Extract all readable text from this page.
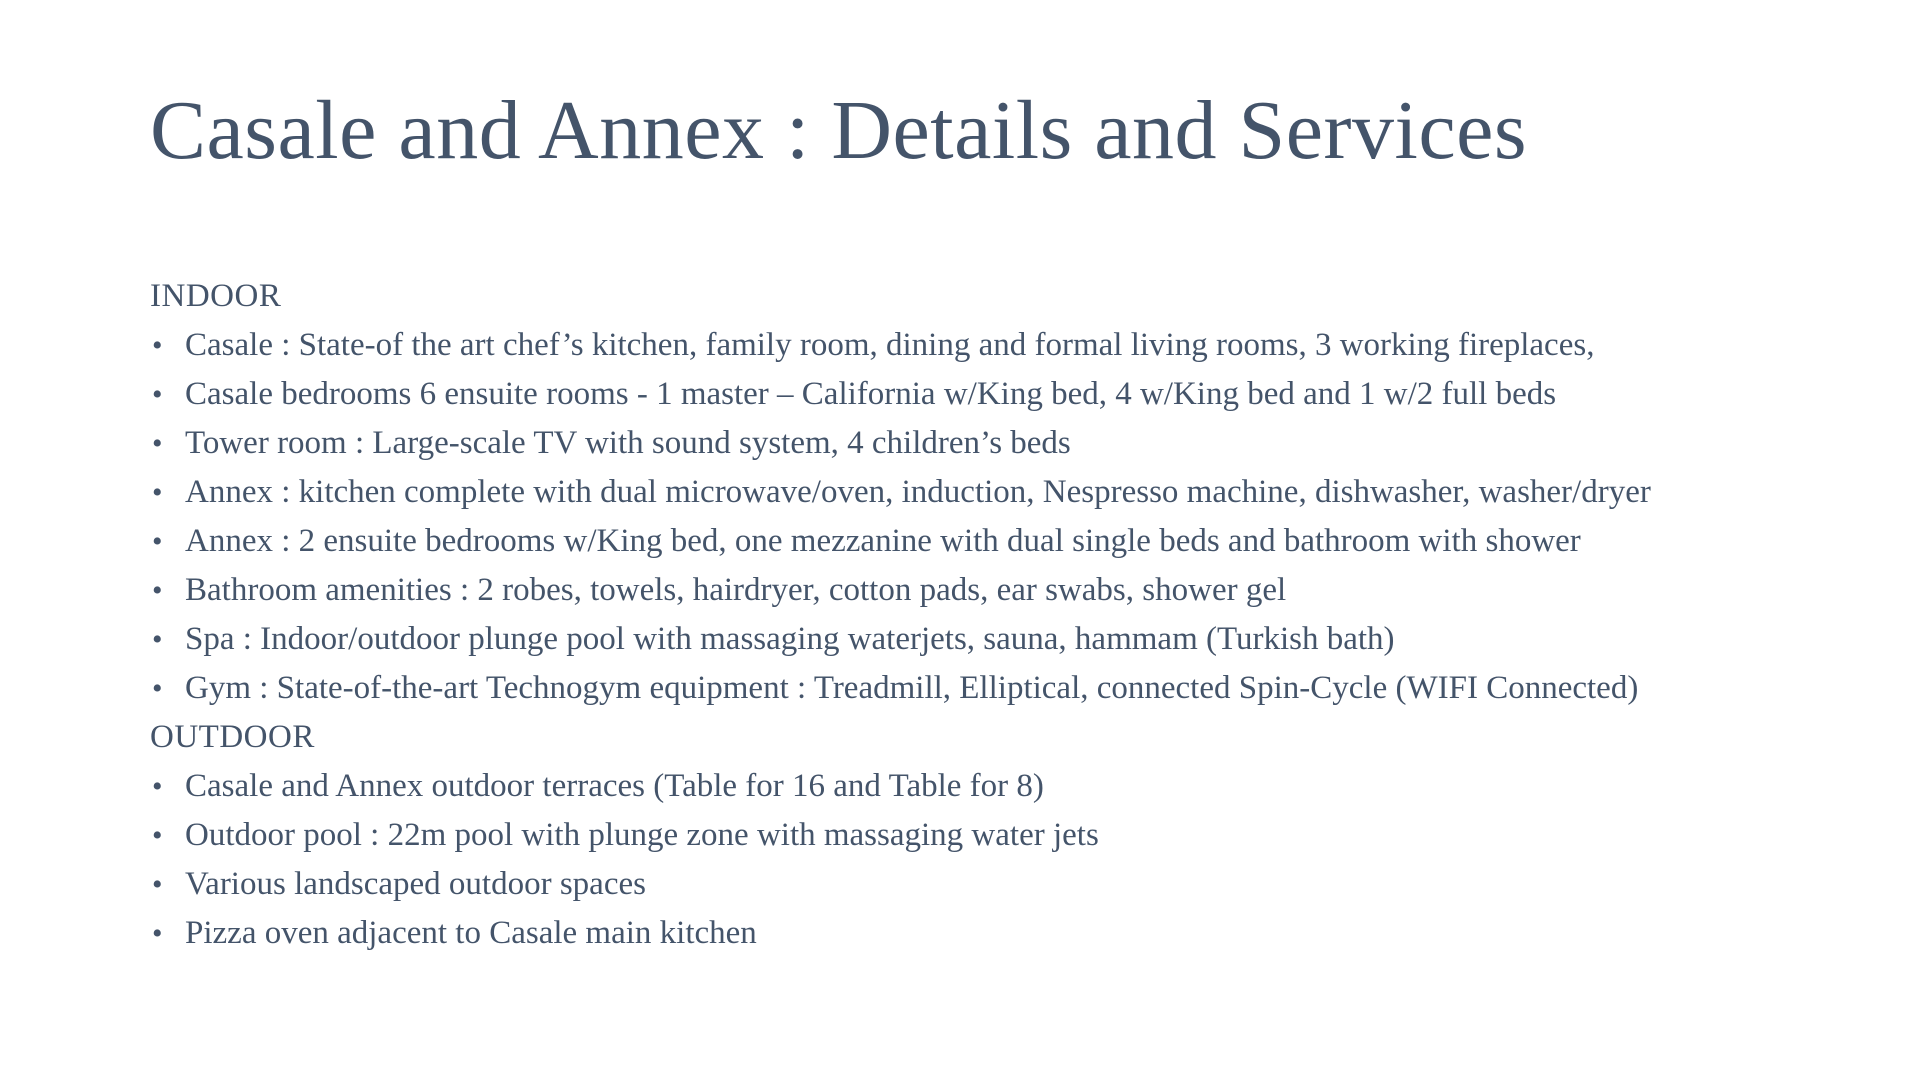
Casale and Annex : Details and Services
INDOOR
• Casale : State-of the art chef’s kitchen, family room, dining and formal living rooms, 3 working fireplaces,
• Casale bedrooms 6 ensuite rooms - 1 master – California w/King bed, 4 w/King bed and 1 w/2 full beds
• Tower room : Large-scale TV with sound system, 4 children’s beds
• Annex : kitchen complete with dual microwave/oven, induction, Nespresso machine, dishwasher, washer/dryer
• Annex : 2 ensuite bedrooms w/King bed, one mezzanine with dual single beds and bathroom with shower
• Bathroom amenities : 2 robes, towels, hairdryer, cotton pads, ear swabs, shower gel
• Spa : Indoor/outdoor plunge pool with massaging waterjets, sauna, hammam (Turkish bath)
• Gym : State-of-the-art Technogym equipment : Treadmill, Elliptical, connected Spin-Cycle (WIFI Connected)
OUTDOOR
• Casale and Annex outdoor terraces (Table for 16 and Table for 8)
• Outdoor pool : 22m pool with plunge zone with massaging water jets
• Various landscaped outdoor spaces
• Pizza oven adjacent to Casale main kitchen
